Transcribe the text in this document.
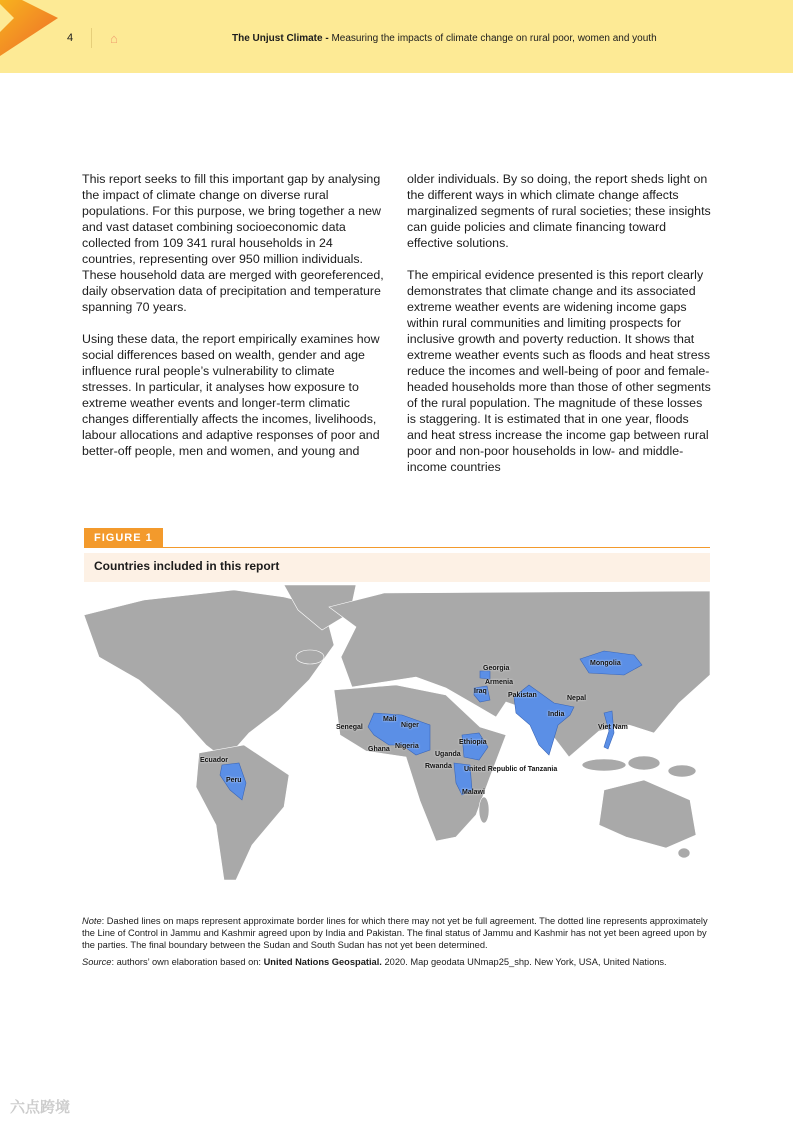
4	⌂	The Unjust Climate - Measuring the impacts of climate change on rural poor, women and youth

This report seeks to fill this important gap by analysing the impact of climate change on diverse rural populations. For this purpose, we bring together a new and vast dataset combining socioeconomic data collected from 109 341 rural households in 24 countries, representing over 950 million individuals. These household data are merged with georeferenced, daily observation data of precipitation and temperature spanning 70 years.

Using these data, the report empirically examines how social differences based on wealth, gender and age influence rural people’s vulnerability to climate stresses. In particular, it analyses how exposure to extreme weather events and longer-term climatic changes differentially affects the incomes, livelihoods, labour allocations and adaptive responses of poor and better-off people, men and women, and young and

older individuals. By so doing, the report sheds light on the different ways in which climate change affects marginalized segments of rural societies; these insights can guide policies and climate financing toward effective solutions.

The empirical evidence presented is this report clearly demonstrates that climate change and its associated extreme weather events are widening income gaps within rural communities and limiting prospects for inclusive growth and poverty reduction. It shows that extreme weather events such as floods and heat stress reduce the incomes and well-being of poor and female-headed households more than those of other segments of the rural population. The magnitude of these losses is staggering. It is estimated that in one year, floods and heat stress increase the income gap between rural poor and non-poor households in low- and middle-income countries

FIGURE 1
Countries included in this report
Mongolia
Georgia
Armenia
Iraq
Pakistan	Nepal
India
Viet Nam
Senegal
Mali
Niger
Ghana Nigeria
Ethiopia
Uganda
Rwanda United Republic of Tanzania
Malawi
Ecuador
Peru

Note: Dashed lines on maps represent approximate border lines for which there may not yet be full agreement. The dotted line represents approximately the Line of Control in Jammu and Kashmir agreed upon by India and Pakistan. The final status of Jammu and Kashmir has not yet been agreed upon by the parties. The final boundary between the Sudan and South Sudan has not yet been determined.

Source: authors’ own elaboration based on: United Nations Geospatial. 2020. Map geodata UNmap25_shp. New York, USA, United Nations.

六点跨境
